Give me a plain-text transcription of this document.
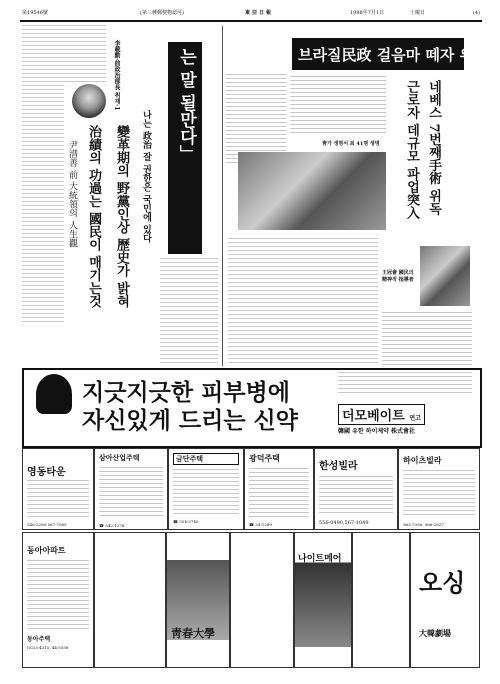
第19546號	(第三種郵便物認可)	東亞日報	1988年7月1日	土曜日	(4)
李載勳·前政治部長 취재·1
나는 政治 잘 권한은 국민에 있다
變革期의 野黨인상 歷史가 밝혀
治績의 功過는 國民이 매기는것
尹潽善 前 大統領의 人生觀	大統領의 「힘 쓰여야한다는 말 될만다」	브라질民政 걸음마 떼자 위청
靑가 생명서 최 41명 생명	네베스 7번째手術 위독 근로자 데규모 파업突入
王冠會 國民의 精神적 指導者
지긋지긋한 피부병에
자신있게 드리는 신약	더모베이트 연고
韓國 유한 하이제약 株式會社
영동타운
546-2280·567-7089
삼아산업주택
☎ 542-1278
금단주택
☎ 554-5740
광덕주택
☎ 24-1289
한성빌라
556-0490,567-1049
하이츠빌라
963-7356, 966-2627
동아아파트
동아주택
(02)3-4315, 44-5558
李小龍
아세아 대지
靑春大學
25일
김교푸밤
나이트메어
스카라
미녀마티
단성사
오싱
大韓劇場
